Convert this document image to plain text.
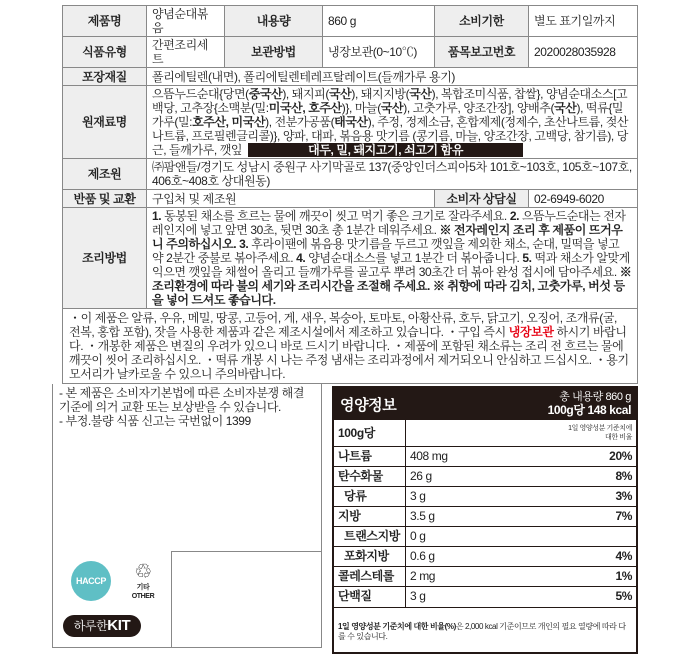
제품명	양념순대볶음	내용량	860 g	소비기한	별도 표기일까지
식품유형	간편조리세트	보관방법	냉장보관(0~10℃)	품목보고번호	2020028035928
포장재질	폴리에틸렌(내면), 폴리에틸렌테레프탈레이트(들깨가루 용기)				
원재료명	으뜸누드순대{당면(중국산), 돼지피(국산), 돼지지방(국산), 복합조미식품, 찹쌀}, 양념순대소스[고백당, 고추장{소맥분(밀:미국산, 호주산)}, 마늘(국산), 고춧가루, 양조간장], 양배추(국산), 떡류{밀가루(밀:호주산, 미국산), 전분가공품(태국산), 주정, 정제소금, 혼합제제(정제수, 초산나트륨, 젖산나트륨, 프로필렌글리콜)}, 양파, 대파, 볶음용 맛기름 (콩기름, 마늘, 양조간장, 고백당, 참기름), 당근, 들깨가루, 깻잎 대두, 밀, 돼지고기, 쇠고기 함유				
제조원	㈜팜앤들/경기도 성남시 중원구 사기막골로 137(중앙인더스피아5차 101호~103호, 105호~107호, 406호~408호 상대원동)				
반품 및 교환	구입처 및 제조원			소비자 상담실	02-6949-6020
조리방법	1. 동봉된 채소를 흐르는 물에 깨끗이 씻고 먹기 좋은 크기로 잘라주세요. 2. 으뜸누드순대는 전자레인지에 넣고 앞면 30초, 뒷면 30초 총 1분간 데워주세요. ※ 전자레인지 조리 후 제품이 뜨거우니 주의하십시오. 3. 후라이팬에 볶음용 맛기름을 두르고 깻잎을 제외한 채소, 순대, 밀떡을 넣고 약 2분간 중불로 볶아주세요. 4. 양념순대소스를 넣고 1분간 더 볶아줍니다. 5. 떡과 채소가 알맞게 익으면 깻잎을 채썰어 올리고 들깨가루를 골고루 뿌려 30초간 더 볶아 완성 접시에 담아주세요. ※ 조리환경에 따라 불의 세기와 조리시간을 조절해 주세요. ※ 취향에 따라 김치, 고춧가루, 버섯 등을 넣어 드셔도 좋습니다.				
・이 제품은 알류, 우유, 메밀, 땅콩, 고등어, 게, 새우, 복숭아, 토마토, 아황산류, 호두, 닭고기, 오징어, 조개류(굴, 전복, 홍합 포함), 잣을 사용한 제품과 같은 제조시설에서 제조하고 있습니다. ・구입 즉시 냉장보관 하시기 바랍니다. ・개봉한 제품은 변질의 우려가 있으니 바로 드시기 바랍니다. ・제품에 포함된 채소류는 조리 전 흐르는 물에 깨끗이 씻어 조리하십시오. ・떡류 개봉 시 나는 주정 냄새는 조리과정에서 제거되오니 안심하고 드십시오. ・용기 모서리가 날카로울 수 있으니 주의바랍니다.
- 본 제품은 소비자기본법에 따른 소비자분쟁 해결 기준에 의거 교환 또는 보상받을 수 있습니다.
- 부정.불량 식품 신고는 국번없이 1399
HACCP	♲
기타
OTHER
하루한KIT
영양정보	총 내용량 860 g
100g당 148 kcal
100g당	1일 영양성분 기준치에 대한 비율
나트륨	408 mg	20%
탄수화물	26 g	8%
당류	3 g	3%
지방	3.5 g	7%
트랜스지방 0 g
포화지방	0.6 g	4%
콜레스테롤	2 mg	1%
단백질	3 g	5%
1일 영양성분 기준치에 대한 비율(%)은 2,000 kcal 기준이므로 개인의 필요 열량에 따라 다를 수 있습니다.
